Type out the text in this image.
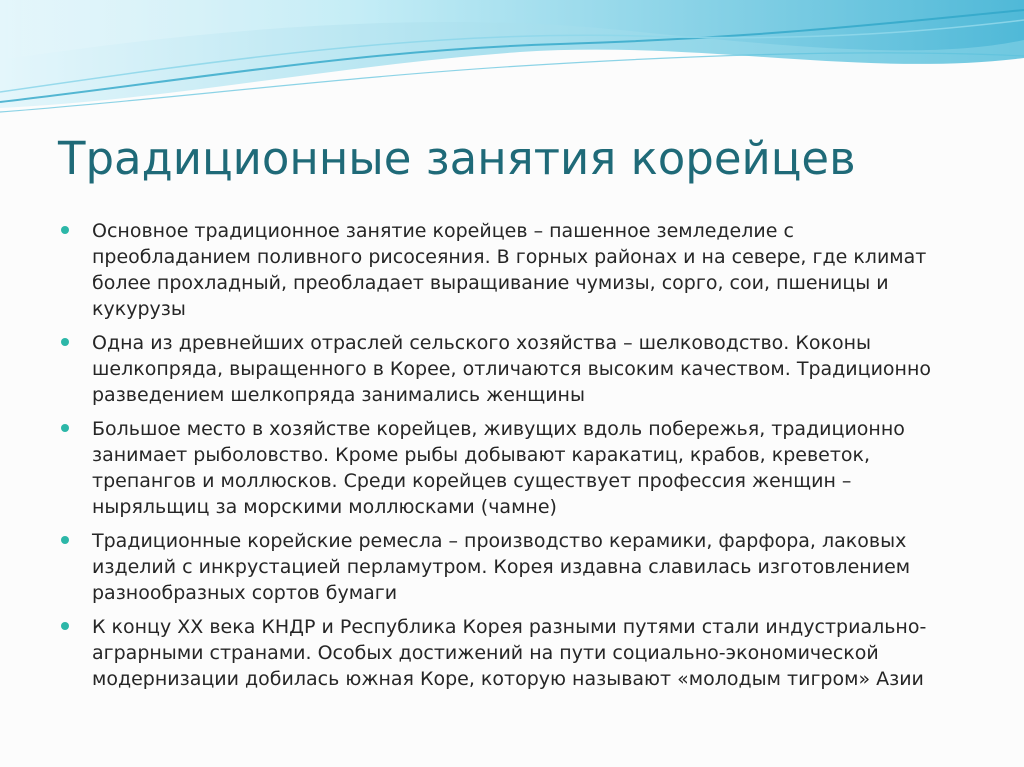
Традиционные занятия корейцев
Основное традиционное занятие корейцев – пашенное земледелие с преобладанием поливного рисосеяния. В горных районах и на севере, где климат более прохладный, преобладает выращивание чумизы, сорго, сои, пшеницы и кукурузы
Одна из древнейших отраслей сельского хозяйства – шелководство. Коконы шелкопряда, выращенного в Корее, отличаются высоким качеством. Традиционно разведением шелкопряда занимались женщины
Большое место в хозяйстве корейцев, живущих вдоль побережья, традиционно занимает рыболовство. Кроме рыбы добывают каракатиц, крабов, креветок, трепангов и моллюсков. Среди корейцев существует профессия женщин – ныряльщиц за морскими моллюсками (чамне)
Традиционные корейские ремесла – производство керамики, фарфора, лаковых изделий с инкрустацией перламутром. Корея издавна славилась изготовлением разнообразных сортов бумаги
К концу XX века КНДР и Республика Корея разными путями стали индустриально-аграрными странами. Особых достижений на пути социально-экономической модернизации добилась южная Коре, которую называют «молодым тигром» Азии
